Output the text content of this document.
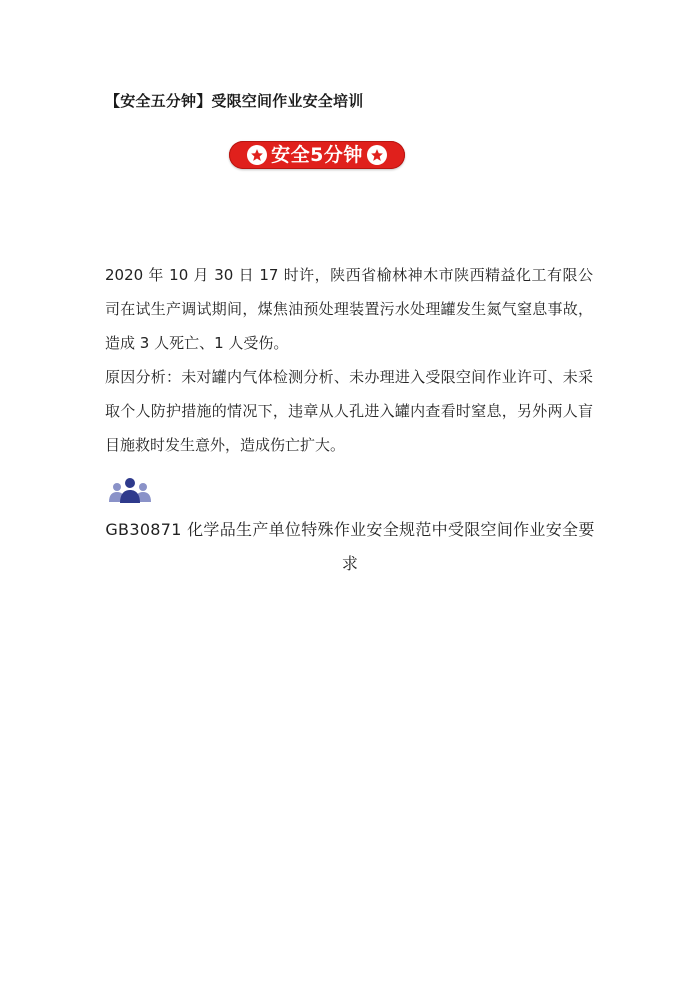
【安全五分钟】受限空间作业安全培训
安全5分钟

2020 年 10 月 30 日 17 时许，陕西省榆林神木市陕西精益化工有限公司在试生产调试期间，煤焦油预处理装置污水处理罐发生氮气窒息事故，造成 3 人死亡、1 人受伤。

原因分析：未对罐内气体检测分析、未办理进入受限空间作业许可、未采取个人防护措施的情况下，违章从人孔进入罐内查看时窒息，另外两人盲目施救时发生意外，造成伤亡扩大。

GB30871 化学品生产单位特殊作业安全规范中受限空间作业安全要求
